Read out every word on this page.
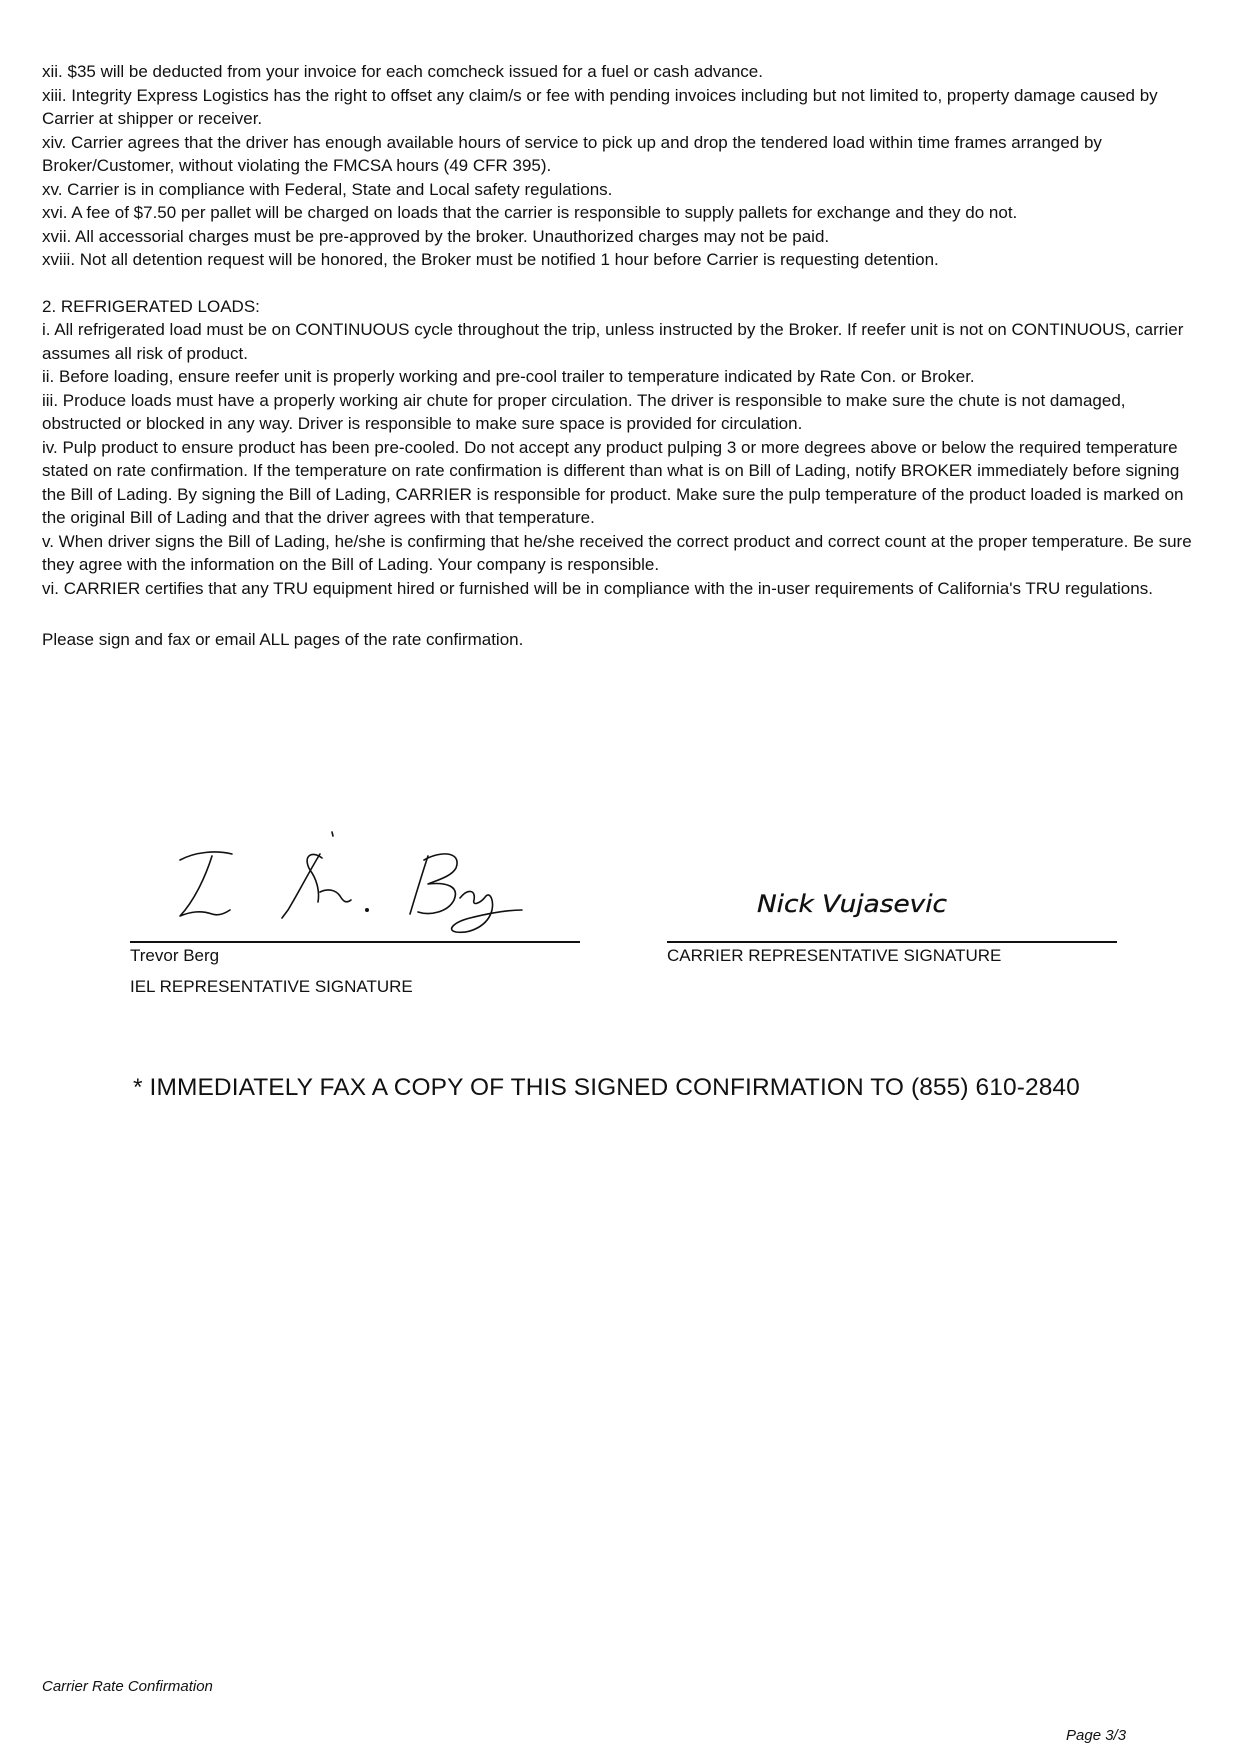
xii. $35 will be deducted from your invoice for each comcheck issued for a fuel or cash advance.

xiii. Integrity Express Logistics has the right to offset any claim/s or fee with pending invoices including but not limited to, property damage caused by Carrier at shipper or receiver.

xiv. Carrier agrees that the driver has enough available hours of service to pick up and drop the tendered load within time frames arranged by Broker/Customer, without violating the FMCSA hours (49 CFR 395).

xv. Carrier is in compliance with Federal, State and Local safety regulations.

xvi. A fee of $7.50 per pallet will be charged on loads that the carrier is responsible to supply pallets for exchange and they do not.

xvii. All accessorial charges must be pre-approved by the broker. Unauthorized charges may not be paid.

xviii. Not all detention request will be honored, the Broker must be notified 1 hour before Carrier is requesting detention.

2. REFRIGERATED LOADS:

i. All refrigerated load must be on CONTINUOUS cycle throughout the trip, unless instructed by the Broker. If reefer unit is not on CONTINUOUS, carrier assumes all risk of product.

ii. Before loading, ensure reefer unit is properly working and pre-cool trailer to temperature indicated by Rate Con. or Broker.

iii. Produce loads must have a properly working air chute for proper circulation. The driver is responsible to make sure the chute is not damaged, obstructed or blocked in any way. Driver is responsible to make sure space is provided for circulation.

iv. Pulp product to ensure product has been pre-cooled. Do not accept any product pulping 3 or more degrees above or below the required temperature stated on rate confirmation. If the temperature on rate confirmation is different than what is on Bill of Lading, notify BROKER immediately before signing the Bill of Lading. By signing the Bill of Lading, CARRIER is responsible for product. Make sure the pulp temperature of the product loaded is marked on the original Bill of Lading and that the driver agrees with that temperature.

v. When driver signs the Bill of Lading, he/she is confirming that he/she received the correct product and correct count at the proper temperature. Be sure they agree with the information on the Bill of Lading. Your company is responsible.

vi. CARRIER certifies that any TRU equipment hired or furnished will be in compliance with the in-user requirements of California's TRU regulations.

Please sign and fax or email ALL pages of the rate confirmation.

Trevor Berg
IEL REPRESENTATIVE SIGNATURE
Nick Vujasevic
CARRIER REPRESENTATIVE SIGNATURE
* IMMEDIATELY FAX A COPY OF THIS SIGNED CONFIRMATION TO (855) 610-2840
Carrier Rate Confirmation
Page 3/3
